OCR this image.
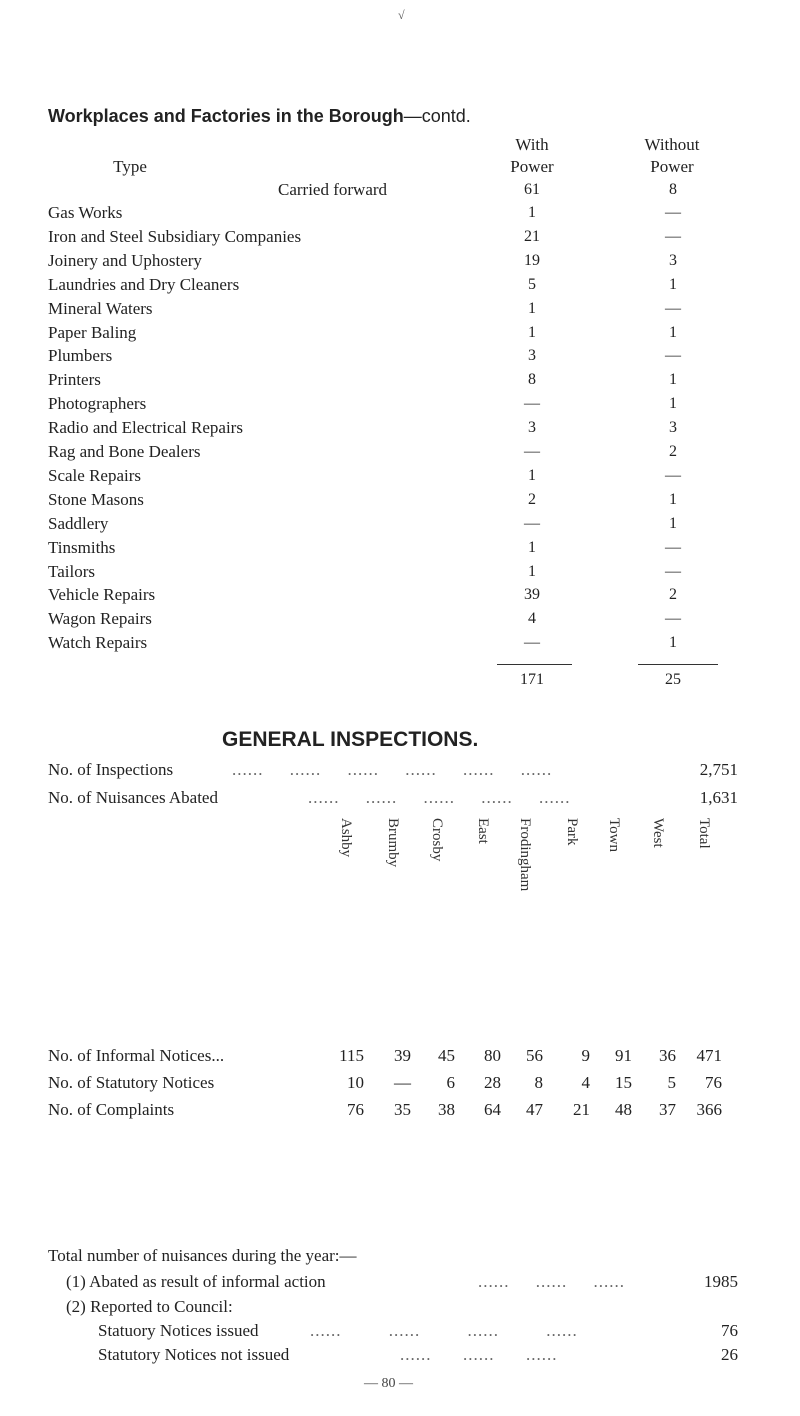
√
Workplaces and Factories in the Borough—contd.
With	Without
Type	Power	Power
Carried forward	61	8
Gas Works	1	—
Iron and Steel Subsidiary Companies	21	—
Joinery and Uphostery	19	3
Laundries and Dry Cleaners	5	1
Mineral Waters	1	—
Paper Baling	1	1
Plumbers	3	—
Printers	8	1
Photographers	—	1
Radio and Electrical Repairs	3	3
Rag and Bone Dealers	—	2
Scale Repairs	1	—
Stone Masons	2	1
Saddlery	—	1
Tinsmiths	1	—
Tailors	1	—
Vehicle Repairs	39	2
Wagon Repairs	4	—
Watch Repairs	—	1
171	25
GENERAL INSPECTIONS.
No. of Inspections	......     ......     ......     ......     ......     ......	2,751
No. of Nuisances Abated	......     ......     ......     ......     ......	1,631
Ashby Brumby Crosby East Frodingham Park Town West Total
No. of Informal Notices...	115	39	45	80	56	9	91	36	471
No. of Statutory Notices	10	—	6	28	8	4	15	5	76
No. of Complaints	76	35	38	64	47	21	48	37	366
Total number of nuisances during the year:—
(1) Abated as result of informal action	......     ......     ......	1985
(2) Reported to Council:
Statuory Notices issued	......         ......         ......         ......	76
Statutory Notices not issued	......      ......      ......	26
— 80 —
